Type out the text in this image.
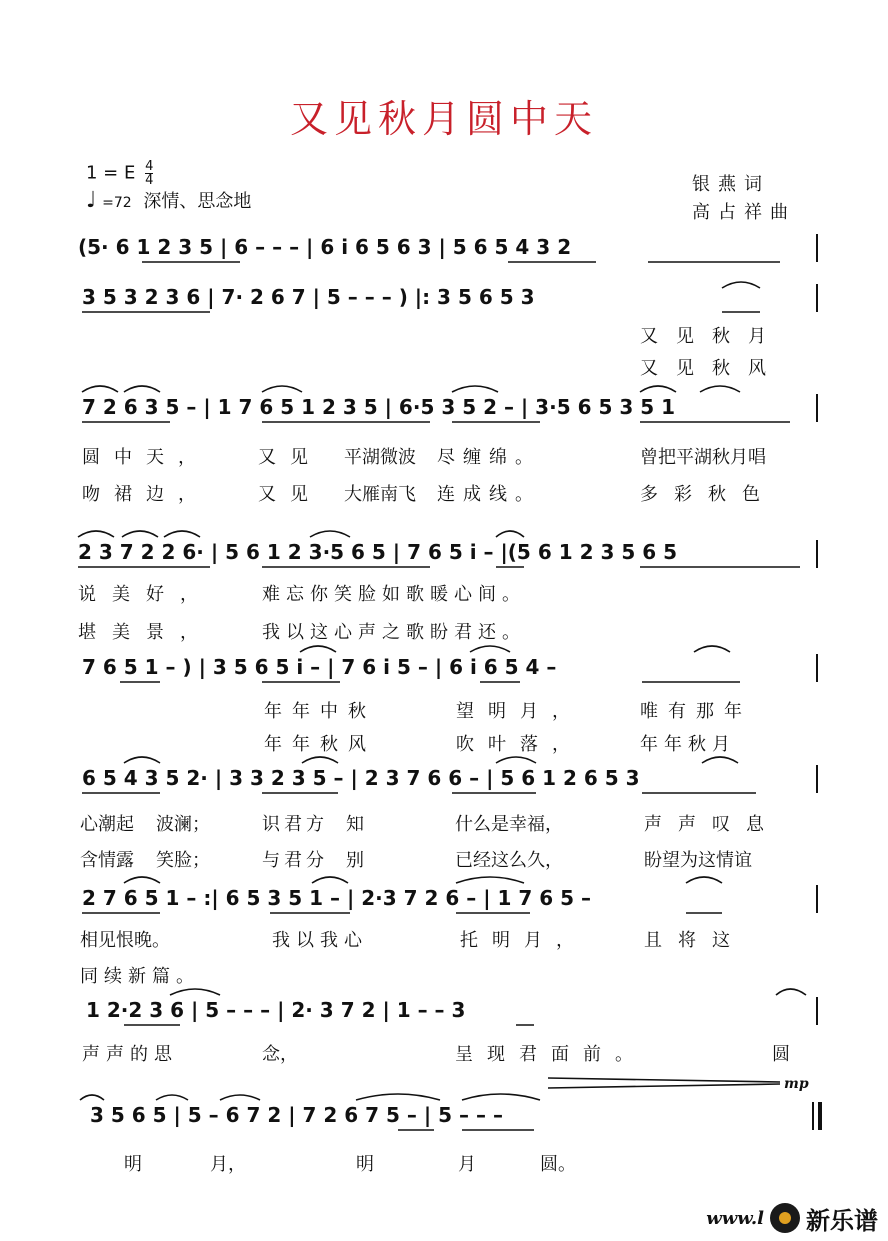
又见秋月圆中天
1 = E $\frac{4}{4}$
♩ =72 深情、思念地
银燕词
高占祥曲
(5· 6 1 2 3 5 | 6 – – – | 6 i 6 5 6 3 | 5 6 5 4 3 2
3 5 3 2 3 6 | 7· 2 6 7 | 5 – – – ) |: 3 5 6 5 3
7 2 6 3 5 – | 1 7 6 5 1 2 3 5 | 6·5 3 5 2 – | 3·5 6 5 3 5 1
2 3 7 2 2 6· | 5 6 1 2 3·5 6 5 | 7 6 5 i – |(5 6 1 2 3 5 6 5
7 6 5 1 – ) | 3 5 6 5 i – | 7 6 i 5 – | 6 i 6 5 4 –
6 5 4 3 5 2· | 3 3 2 3 5 – | 2 3 7 6 6 – | 5 6 1 2 6 5 3
2 7 6 5 1 – :| 6 5 3 5 1 – | 2·3 7 2 6 – | 1 7 6 5 –
1 2·2 3 6 | 5 – – – | 2· 3 7 2 | 1 – – 3
3 5 6 5 | 5 – 6 7 2 | 7 2 6 7 5 – | 5 – – –
又见秋月
又见秋风
圆中天，	又见 平湖微波 尽缠绵。	曾把平湖秋月唱
吻裙边，	又见 大雁南飞 连成线。	多彩秋色
说美好，	难忘你笑脸如歌暖心间。
堪美景，	我以这心声之歌盼君还。
年年中秋	望明月，	唯有那年
年年秋风	吹叶落，	年年秋月
心潮起 波澜；	识君方 知	什么是幸福，	声声叹息
含情露 笑脸；	与君分 别	已经这么久，	盼望为这情谊
相见恨晚。	我以我心	托明月，	且将这
同续新篇。
声声的思	念，	呈现君面前。	圆
明	月，	明	月	圆。
mp
www.l 新乐谱
